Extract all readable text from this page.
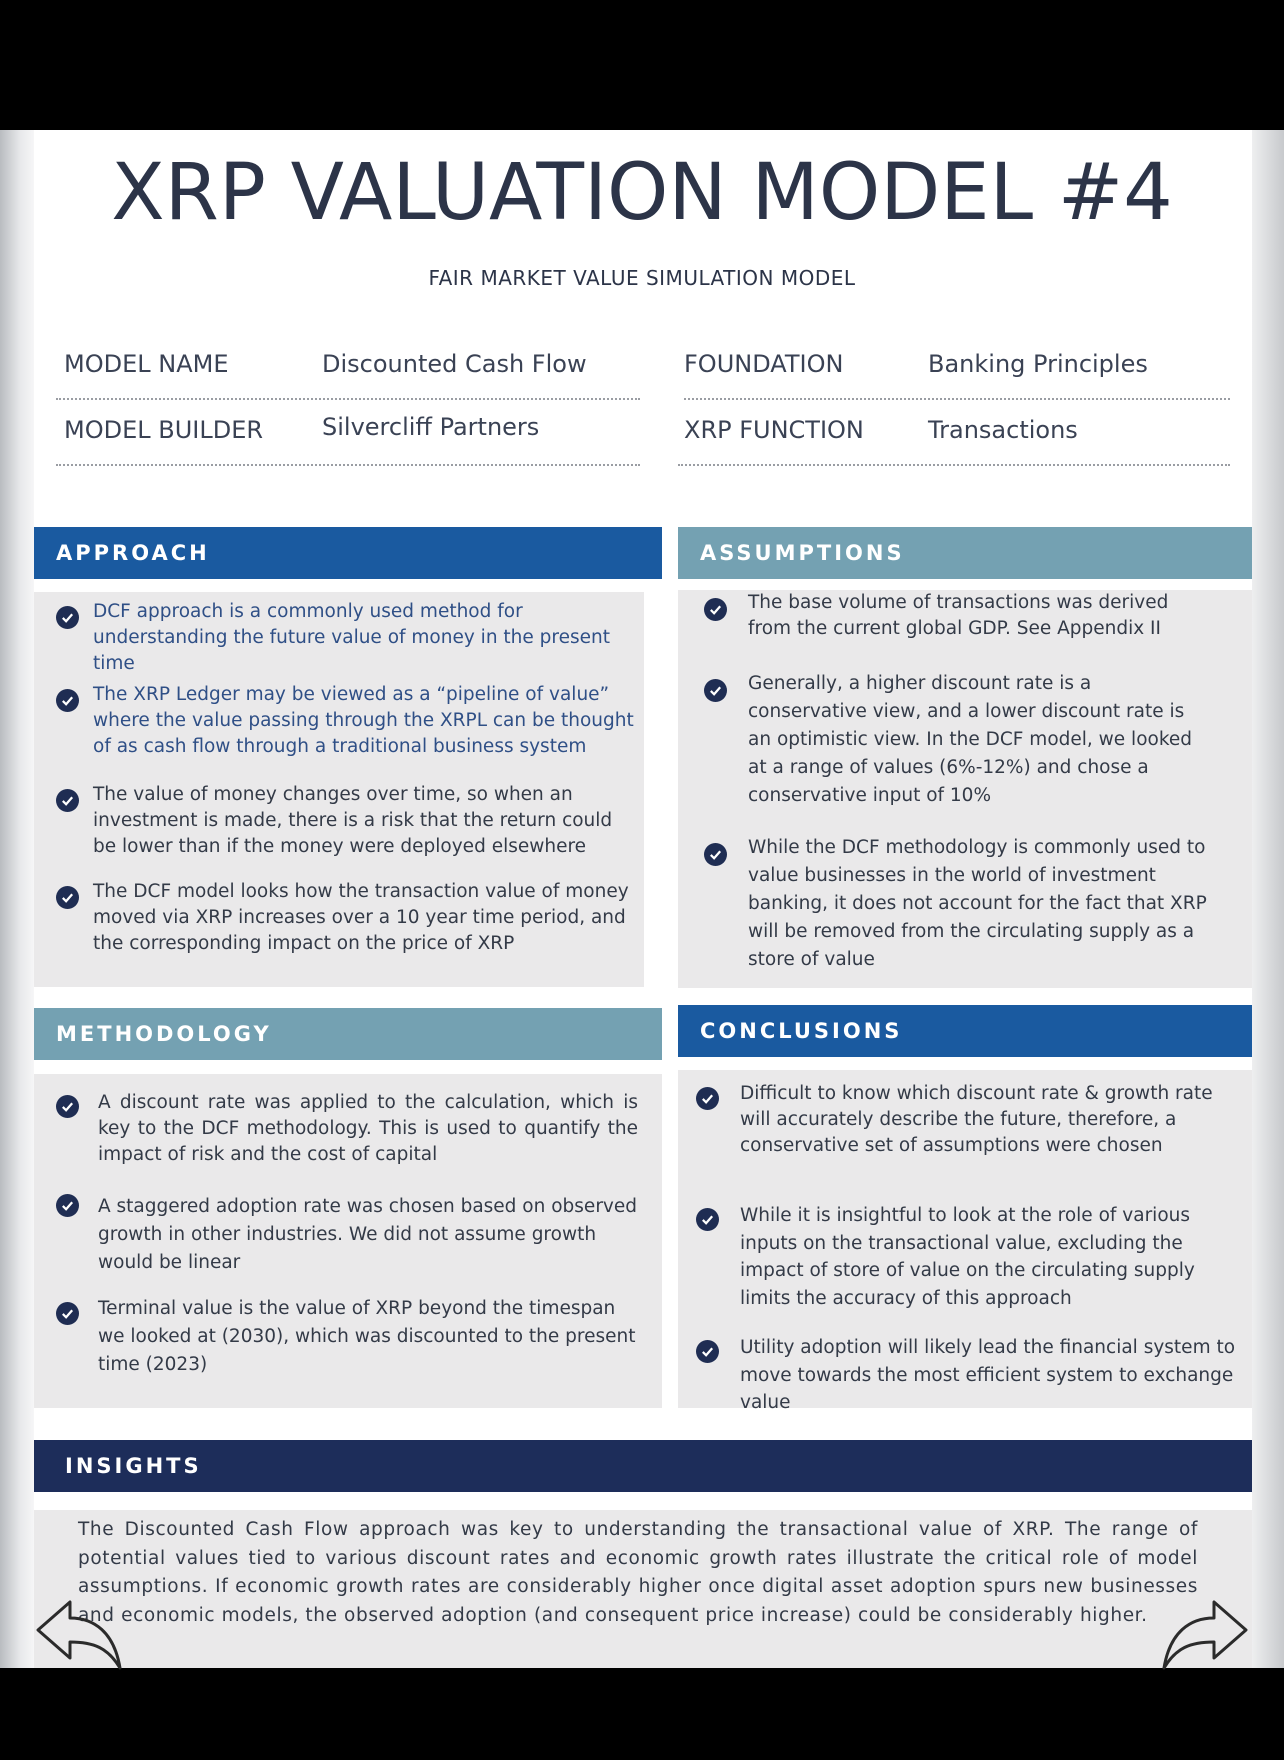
XRP VALUATION MODEL #4
FAIR MARKET VALUE SIMULATION MODEL
MODEL NAME	Discounted Cash Flow	FOUNDATION	Banking Principles
MODEL BUILDER Silvercliff Partners	XRP FUNCTION	Transactions
APPROACH
DCF approach is a commonly used method for understanding the future value of money in the present time
The XRP Ledger may be viewed as a “pipeline of value” where the value passing through the XRPL can be thought of as cash flow through a traditional business system
The value of money changes over time, so when an investment is made, there is a risk that the return could be lower than if the money were deployed elsewhere
The DCF model looks how the transaction value of money moved via XRP increases over a 10 year time period, and the corresponding impact on the price of XRP
ASSUMPTIONS
The base volume of transactions was derived from the current global GDP. See Appendix II
Generally, a higher discount rate is a conservative view, and a lower discount rate is an optimistic view. In the DCF model, we looked at a range of values (6%-12%) and chose a conservative input of 10%
While the DCF methodology is commonly used to value businesses in the world of investment banking, it does not account for the fact that XRP will be removed from the circulating supply as a store of value
METHODOLOGY
A discount rate was applied to the calculation, which is key to the DCF methodology. This is used to quantify the impact of risk and the cost of capital
A staggered adoption rate was chosen based on observed growth in other industries. We did not assume growth would be linear
Terminal value is the value of XRP beyond the timespan we looked at (2030), which was discounted to the present time (2023)
CONCLUSIONS
Difficult to know which discount rate & growth rate will accurately describe the future, therefore, a conservative set of assumptions were chosen
While it is insightful to look at the role of various inputs on the transactional value, excluding the impact of store of value on the circulating supply limits the accuracy of this approach
Utility adoption will likely lead the financial system to move towards the most efficient system to exchange value
INSIGHTS
The Discounted Cash Flow approach was key to understanding the transactional value of XRP. The range of potential values tied to various discount rates and economic growth rates illustrate the critical role of model assumptions. If economic growth rates are considerably higher once digital asset adoption spurs new businesses and economic models, the observed adoption (and consequent price increase) could be considerably higher.
